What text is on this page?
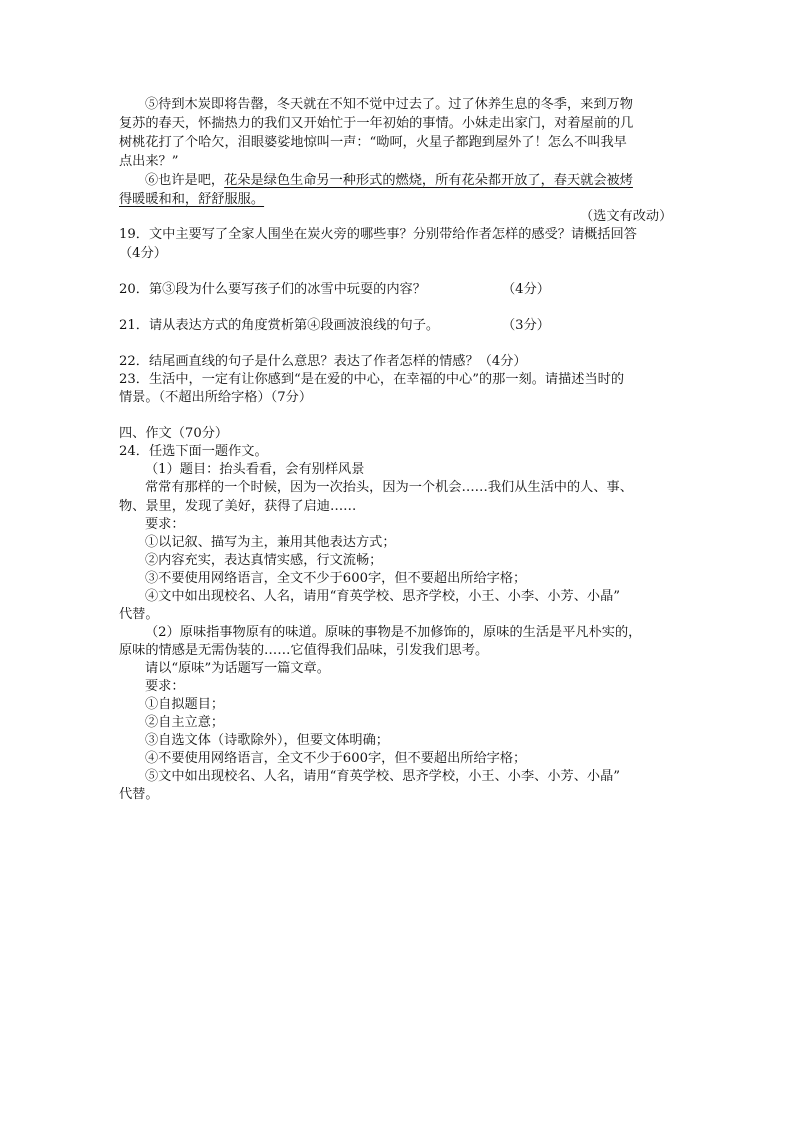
⑤待到木炭即将告罄，冬天就在不知不觉中过去了。过了休养生息的冬季，来到万物
复苏的春天，怀揣热力的我们又开始忙于一年初始的事情。小妹走出家门，对着屋前的几
树桃花打了个哈欠，泪眼婆娑地惊叫一声：“呦呵，火星子都跑到屋外了！怎么不叫我早
点出来？”
⑥也许是吧，花朵是绿色生命另一种形式的燃烧，所有花朵都开放了，春天就会被烤
得暖暖和和，舒舒服服。
（选文有改动）
19．文中主要写了全家人围坐在炭火旁的哪些事？分别带给作者怎样的感受？请概括回答
（4分）
20．第③段为什么要写孩子们的冰雪中玩耍的内容？	（4分）
21．请从表达方式的角度赏析第④段画波浪线的句子。	（3分）
22．结尾画直线的句子是什么意思？表达了作者怎样的情感？（4分）
23．生活中，一定有让你感到“是在爱的中心，在幸福的中心”的那一刻。请描述当时的
情景。（不超出所给字格）（7分）
四、作文（70分）
24．任选下面一题作文。
（1）题目：抬头看看，会有别样风景
常常有那样的一个时候，因为一次抬头，因为一个机会……我们从生活中的人、事、
物、景里，发现了美好，获得了启迪……
要求：
①以记叙、描写为主，兼用其他表达方式；
②内容充实，表达真情实感，行文流畅；
③不要使用网络语言，全文不少于600字，但不要超出所给字格；
④文中如出现校名、人名，请用“育英学校、思齐学校，小王、小李、小芳、小晶”
代替。
（2）原味指事物原有的味道。原味的事物是不加修饰的，原味的生活是平凡朴实的，
原味的情感是无需伪装的……它值得我们品味，引发我们思考。
请以“原味”为话题写一篇文章。
要求：
①自拟题目；
②自主立意；
③自选文体（诗歌除外），但要文体明确；
④不要使用网络语言，全文不少于600字，但不要超出所给字格；
⑤文中如出现校名、人名，请用“育英学校、思齐学校，小王、小李、小芳、小晶”
代替。
